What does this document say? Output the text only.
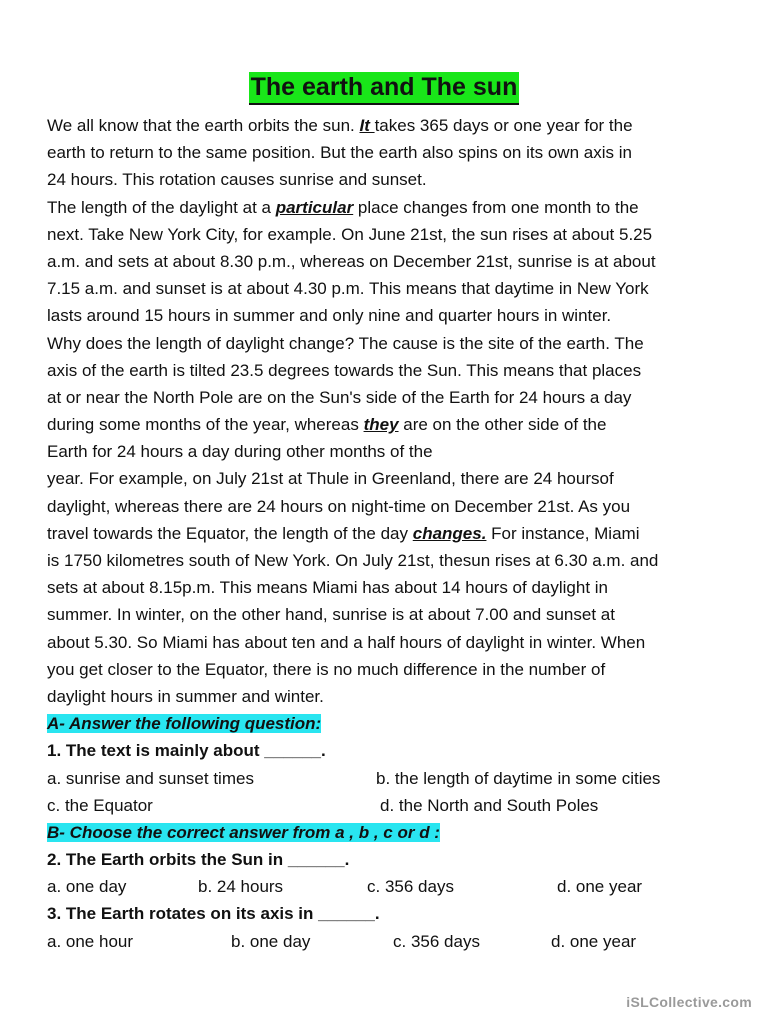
The earth and The sun
We all know that the earth orbits the sun. It takes 365 days or one year for the
earth to return to the same position. But the earth also spins on its own axis in
24 hours. This rotation causes sunrise and sunset.
The length of the daylight at a particular place changes from one month to the
next. Take New York City, for example. On June 21st, the sun rises at about 5.25
a.m. and sets at about 8.30 p.m., whereas on December 21st, sunrise is at about
7.15 a.m. and sunset is at about 4.30 p.m. This means that daytime in New York
lasts around 15 hours in summer and only nine and quarter hours in winter.
Why does the length of daylight change? The cause is the site of the earth. The
axis of the earth is tilted 23.5 degrees towards the Sun. This means that places
at or near the North Pole are on the Sun's side of the Earth for 24 hours a day
during some months of the year, whereas they are on the other side of the
Earth for 24 hours a day during other months of the
year. For example, on July 21st at Thule in Greenland, there are 24 hoursof
daylight, whereas there are 24 hours on night-time on December 21st. As you
travel towards the Equator, the length of the day changes. For instance, Miami
is 1750 kilometres south of New York. On July 21st, thesun rises at 6.30 a.m. and
sets at about 8.15p.m. This means Miami has about 14 hours of daylight in
summer. In winter, on the other hand, sunrise is at about 7.00 and sunset at
about 5.30. So Miami has about ten and a half hours of daylight in winter. When
you get closer to the Equator, there is no much difference in the number of
daylight hours in summer and winter.
A- Answer the following question:
1. The text is mainly about ______.
a. sunrise and sunset times	b. the length of daytime in some cities
c. the Equator	d. the North and South Poles
B- Choose the correct answer from a , b , c or d :
2. The Earth orbits the Sun in ______.
a. one day	b. 24 hours	c. 356 days	d. one year
3. The Earth rotates on its axis in ______.
a. one hour	b. one day	c. 356 days	d. one year
iSLCollective.com
